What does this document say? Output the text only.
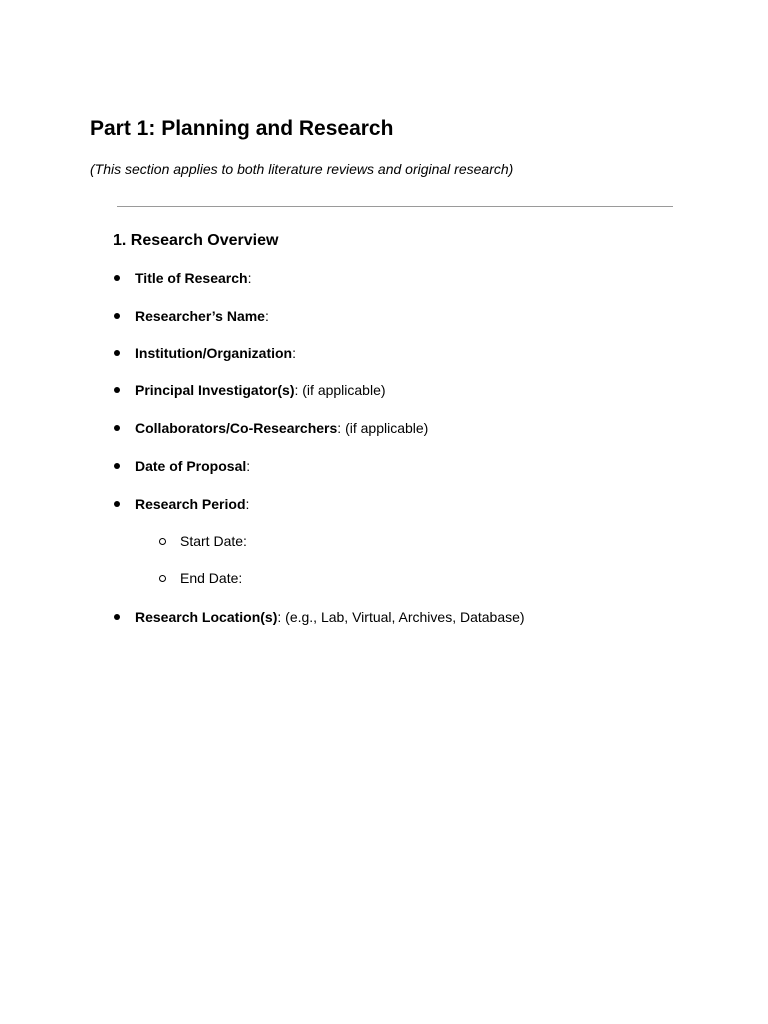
Part 1: Planning and Research

(This section applies to both literature reviews and original research)

1. Research Overview
Title of Research:
Researcher’s Name:
Institution/Organization:
Principal Investigator(s): (if applicable)
Collaborators/Co-Researchers: (if applicable)
Date of Proposal:
Research Period:
Start Date:
End Date:
Research Location(s): (e.g., Lab, Virtual, Archives, Database)
